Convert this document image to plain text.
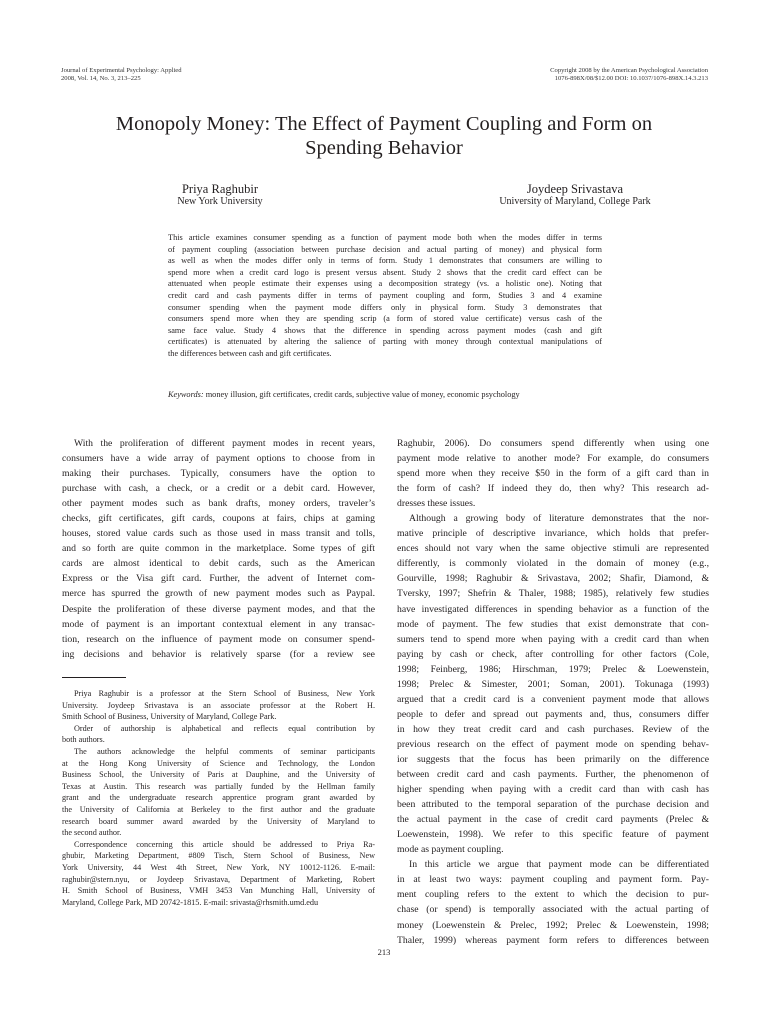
Journal of Experimental Psychology: Applied
2008, Vol. 14, No. 3, 213–225
Copyright 2008 by the American Psychological Association
1076-898X/08/$12.00 DOI: 10.1037/1076-898X.14.3.213
Monopoly Money: The Effect of Payment Coupling and Form on
Spending Behavior
Priya Raghubir
New York University
Joydeep Srivastava
University of Maryland, College Park
This article examines consumer spending as a function of payment mode both when the modes differ in terms
of payment coupling (association between purchase decision and actual parting of money) and physical form
as well as when the modes differ only in terms of form. Study 1 demonstrates that consumers are willing to
spend more when a credit card logo is present versus absent. Study 2 shows that the credit card effect can be
attenuated when people estimate their expenses using a decomposition strategy (vs. a holistic one). Noting that
credit card and cash payments differ in terms of payment coupling and form, Studies 3 and 4 examine
consumer spending when the payment mode differs only in physical form. Study 3 demonstrates that
consumers spend more when they are spending scrip (a form of stored value certificate) versus cash of the
same face value. Study 4 shows that the difference in spending across payment modes (cash and gift
certificates) is attenuated by altering the salience of parting with money through contextual manipulations of
the differences between cash and gift certificates.
Keywords: money illusion, gift certificates, credit cards, subjective value of money, economic psychology
With the proliferation of different payment modes in recent years,
consumers have a wide array of payment options to choose from in
making their purchases. Typically, consumers have the option to
purchase with cash, a check, or a credit or a debit card. However,
other payment modes such as bank drafts, money orders, traveler’s
checks, gift certificates, gift cards, coupons at fairs, chips at gaming
houses, stored value cards such as those used in mass transit and tolls,
and so forth are quite common in the marketplace. Some types of gift
cards are almost identical to debit cards, such as the American
Express or the Visa gift card. Further, the advent of Internet com-
merce has spurred the growth of new payment modes such as Paypal.
Despite the proliferation of these diverse payment modes, and that the
mode of payment is an important contextual element in any transac-
tion, research on the influence of payment mode on consumer spend-
ing decisions and behavior is relatively sparse (for a review see
Priya Raghubir is a professor at the Stern School of Business, New York
University. Joydeep Srivastava is an associate professor at the Robert H.
Smith School of Business, University of Maryland, College Park.
Order of authorship is alphabetical and reflects equal contribution by
both authors.
The authors acknowledge the helpful comments of seminar participants
at the Hong Kong University of Science and Technology, the London
Business School, the University of Paris at Dauphine, and the University of
Texas at Austin. This research was partially funded by the Hellman family
grant and the undergraduate research apprentice program grant awarded by
the University of California at Berkeley to the first author and the graduate
research board summer award awarded by the University of Maryland to
the second author.
Correspondence concerning this article should be addressed to Priya Ra-
ghubir, Marketing Department, #809 Tisch, Stern School of Business, New
York University, 44 West 4th Street, New York, NY 10012-1126. E-mail:
raghubir@stern.nyu, or Joydeep Srivastava, Department of Marketing, Robert
H. Smith School of Business, VMH 3453 Van Munching Hall, University of
Maryland, College Park, MD 20742-1815. E-mail: srivasta@rhsmith.umd.edu
Raghubir, 2006). Do consumers spend differently when using one
payment mode relative to another mode? For example, do consumers
spend more when they receive $50 in the form of a gift card than in
the form of cash? If indeed they do, then why? This research ad-
dresses these issues.
Although a growing body of literature demonstrates that the nor-
mative principle of descriptive invariance, which holds that prefer-
ences should not vary when the same objective stimuli are represented
differently, is commonly violated in the domain of money (e.g.,
Gourville, 1998; Raghubir & Srivastava, 2002; Shafir, Diamond, &
Tversky, 1997; Shefrin & Thaler, 1988; 1985), relatively few studies
have investigated differences in spending behavior as a function of the
mode of payment. The few studies that exist demonstrate that con-
sumers tend to spend more when paying with a credit card than when
paying by cash or check, after controlling for other factors (Cole,
1998; Feinberg, 1986; Hirschman, 1979; Prelec & Loewenstein,
1998; Prelec & Simester, 2001; Soman, 2001). Tokunaga (1993)
argued that a credit card is a convenient payment mode that allows
people to defer and spread out payments and, thus, consumers differ
in how they treat credit card and cash purchases. Review of the
previous research on the effect of payment mode on spending behav-
ior suggests that the focus has been primarily on the difference
between credit card and cash payments. Further, the phenomenon of
higher spending when paying with a credit card than with cash has
been attributed to the temporal separation of the purchase decision and
the actual payment in the case of credit card payments (Prelec &
Loewenstein, 1998). We refer to this specific feature of payment
mode as payment coupling.
In this article we argue that payment mode can be differentiated
in at least two ways: payment coupling and payment form. Pay-
ment coupling refers to the extent to which the decision to pur-
chase (or spend) is temporally associated with the actual parting of
money (Loewenstein & Prelec, 1992; Prelec & Loewenstein, 1998;
Thaler, 1999) whereas payment form refers to differences between
213
